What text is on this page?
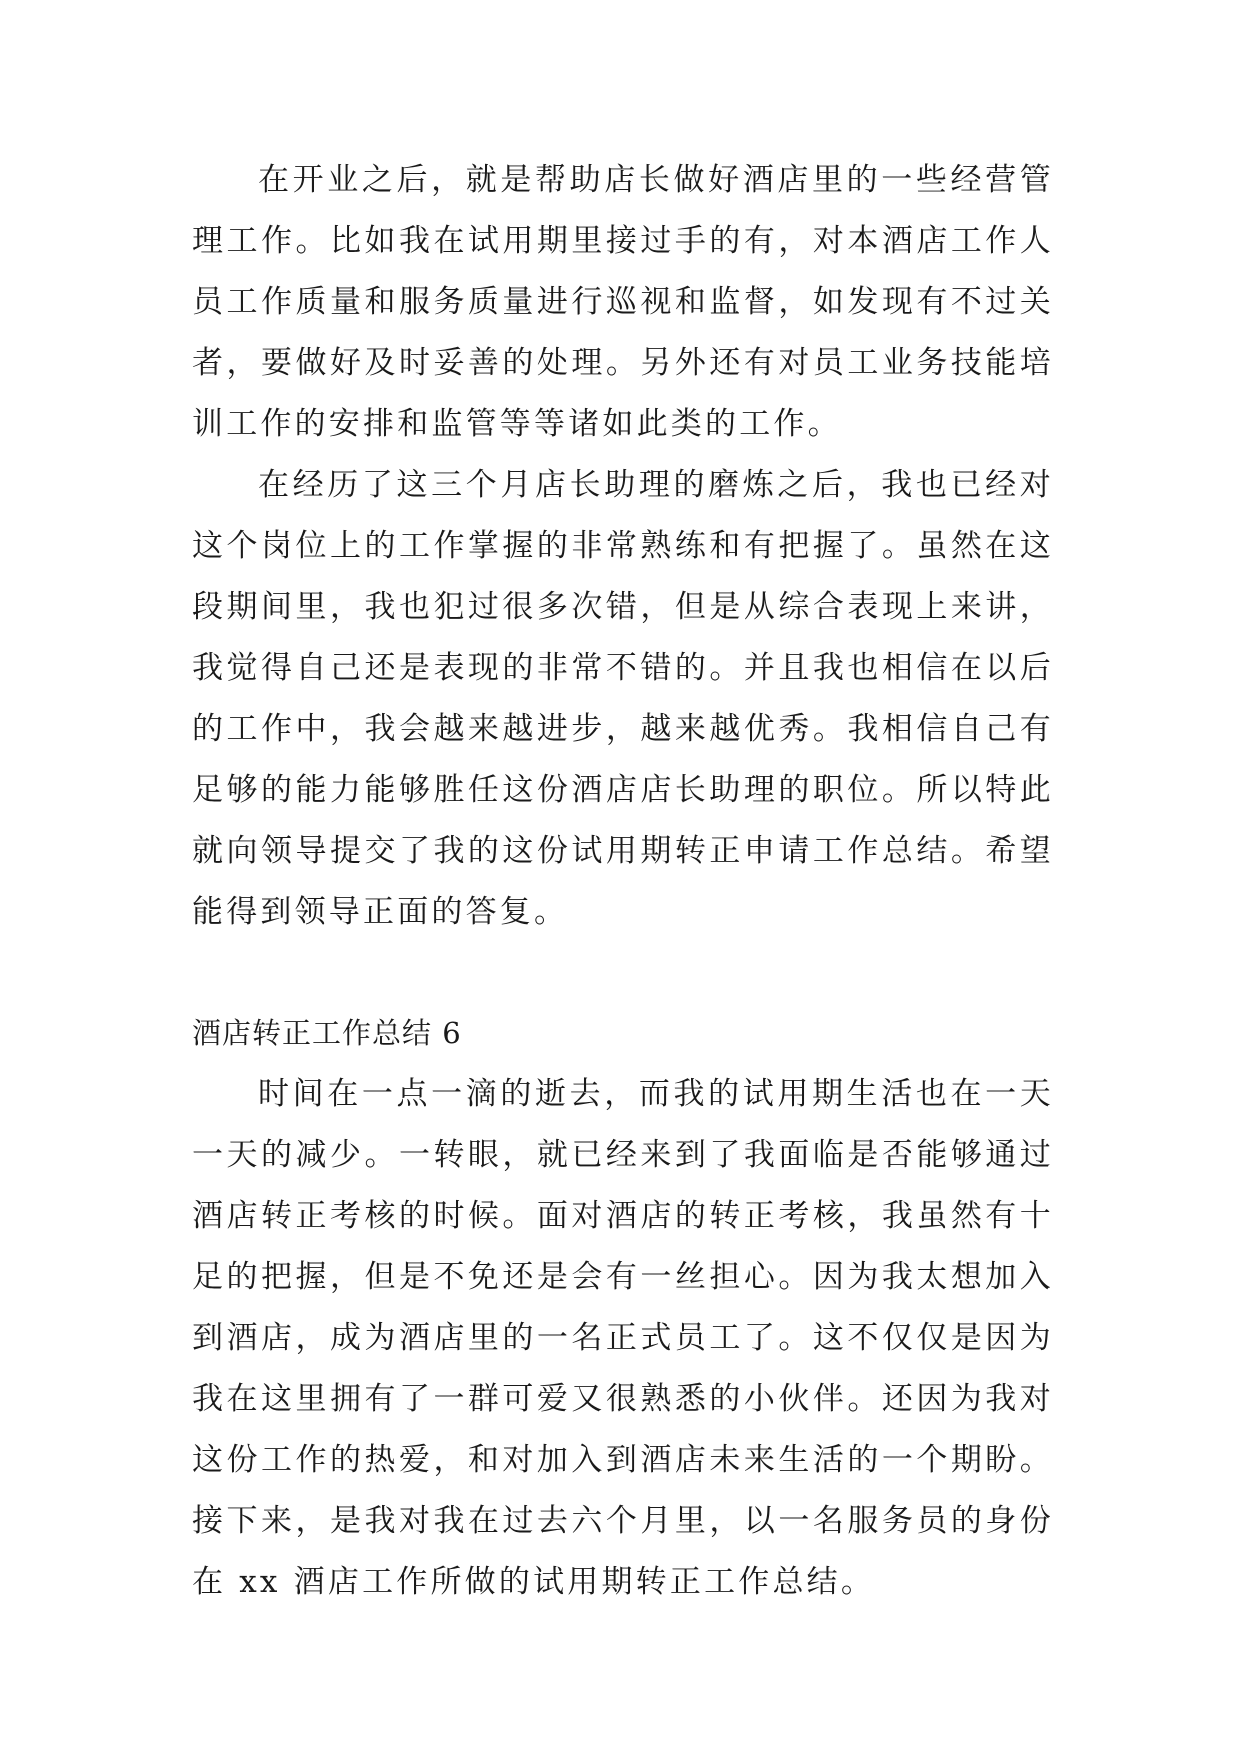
在开业之后，就是帮助店长做好酒店里的一些经营管理工作。比如我在试用期里接过手的有，对本酒店工作人员工作质量和服务质量进行巡视和监督，如发现有不过关者，要做好及时妥善的处理。另外还有对员工业务技能培训工作的安排和监管等等诸如此类的工作。

在经历了这三个月店长助理的磨炼之后，我也已经对这个岗位上的工作掌握的非常熟练和有把握了。虽然在这段期间里，我也犯过很多次错，但是从综合表现上来讲，我觉得自己还是表现的非常不错的。并且我也相信在以后的工作中，我会越来越进步，越来越优秀。我相信自己有足够的能力能够胜任这份酒店店长助理的职位。所以特此就向领导提交了我的这份试用期转正申请工作总结。希望能得到领导正面的答复。

酒店转正工作总结 6

时间在一点一滴的逝去，而我的试用期生活也在一天一天的减少。一转眼，就已经来到了我面临是否能够通过酒店转正考核的时候。面对酒店的转正考核，我虽然有十足的把握，但是不免还是会有一丝担心。因为我太想加入到酒店，成为酒店里的一名正式员工了。这不仅仅是因为我在这里拥有了一群可爱又很熟悉的小伙伴。还因为我对这份工作的热爱，和对加入到酒店未来生活的一个期盼。接下来，是我对我在过去六个月里，以一名服务员的身份在 xx 酒店工作所做的试用期转正工作总结。
